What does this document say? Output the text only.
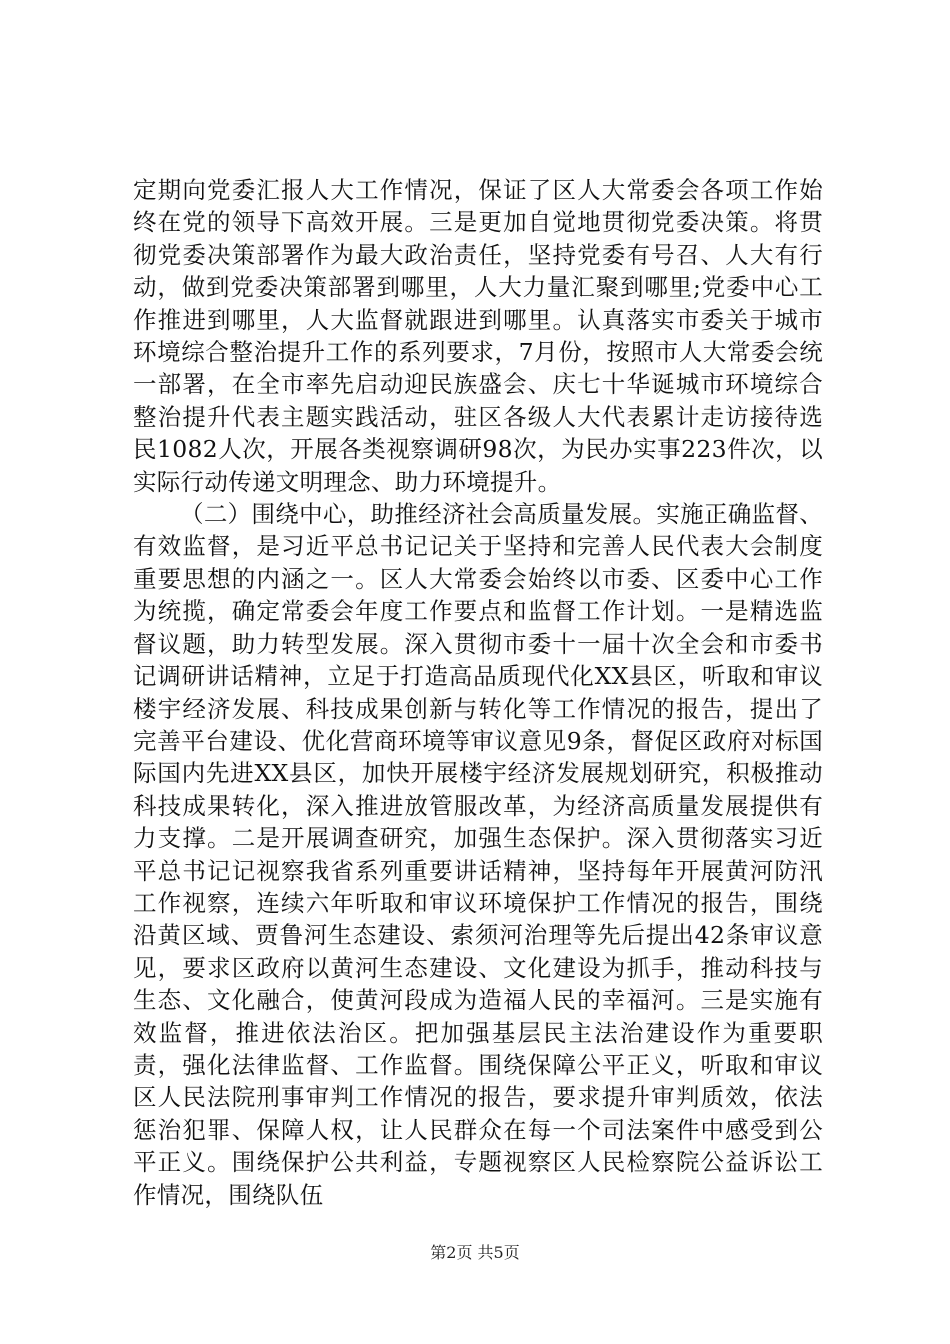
定期向党委汇报人大工作情况，保证了区人大常委会各项工作始终在党的领导下高效开展。三是更加自觉地贯彻党委决策。将贯彻党委决策部署作为最大政治责任，坚持党委有号召、人大有行动，做到党委决策部署到哪里，人大力量汇聚到哪里;党委中心工作推进到哪里，人大监督就跟进到哪里。认真落实市委关于城市环境综合整治提升工作的系列要求，7月份，按照市人大常委会统一部署，在全市率先启动迎民族盛会、庆七十华诞城市环境综合整治提升代表主题实践活动，驻区各级人大代表累计走访接待选民1082人次，开展各类视察调研98次，为民办实事223件次，以实际行动传递文明理念、助力环境提升。

（二）围绕中心，助推经济社会高质量发展。实施正确监督、有效监督，是习近平总书记记关于坚持和完善人民代表大会制度重要思想的内涵之一。区人大常委会始终以市委、区委中心工作为统揽，确定常委会年度工作要点和监督工作计划。一是精选监督议题，助力转型发展。深入贯彻市委十一届十次全会和市委书记调研讲话精神，立足于打造高品质现代化XX县区，听取和审议楼宇经济发展、科技成果创新与转化等工作情况的报告，提出了完善平台建设、优化营商环境等审议意见9条，督促区政府对标国际国内先进XX县区，加快开展楼宇经济发展规划研究，积极推动科技成果转化，深入推进放管服改革，为经济高质量发展提供有力支撑。二是开展调查研究，加强生态保护。深入贯彻落实习近平总书记记视察我省系列重要讲话精神，坚持每年开展黄河防汛工作视察，连续六年听取和审议环境保护工作情况的报告，围绕沿黄区域、贾鲁河生态建设、索须河治理等先后提出42条审议意见，要求区政府以黄河生态建设、文化建设为抓手，推动科技与生态、文化融合，使黄河段成为造福人民的幸福河。三是实施有效监督，推进依法治区。把加强基层民主法治建设作为重要职责，强化法律监督、工作监督。围绕保障公平正义，听取和审议区人民法院刑事审判工作情况的报告，要求提升审判质效，依法惩治犯罪、保障人权，让人民群众在每一个司法案件中感受到公平正义。围绕保护公共利益，专题视察区人民检察院公益诉讼工作情况，围绕队伍

第2页 共5页
